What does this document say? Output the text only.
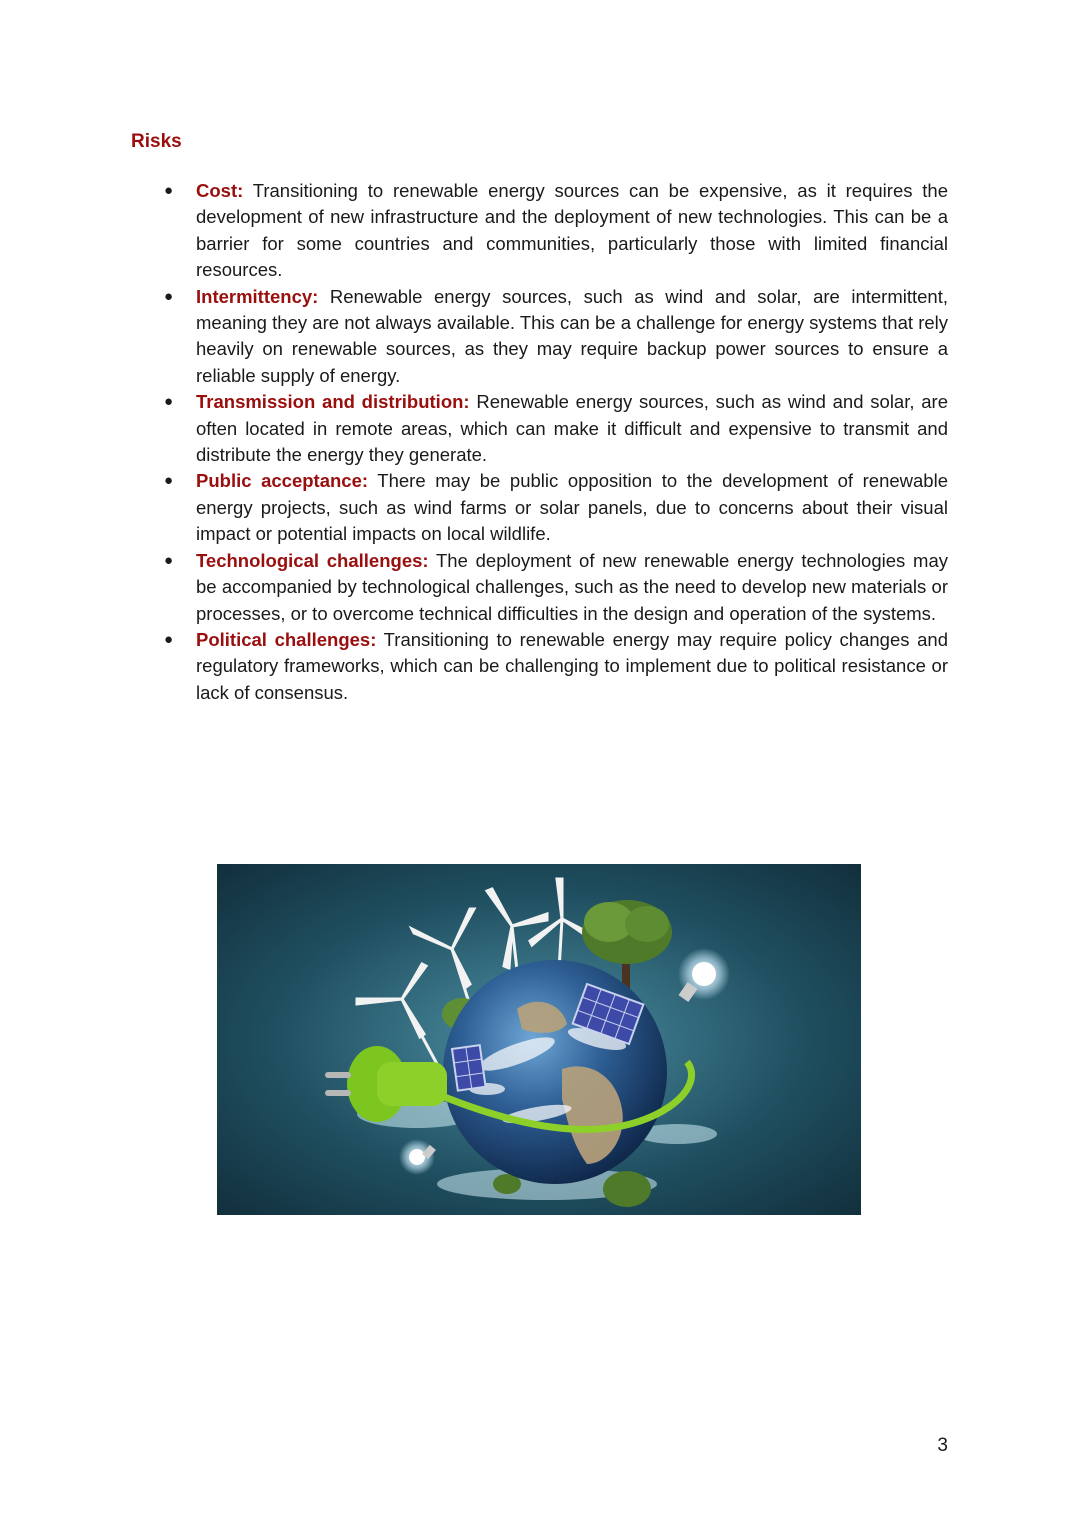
Risks
● Cost: Transitioning to renewable energy sources can be expensive, as it requires the development of new infrastructure and the deployment of new technologies. This can be a barrier for some countries and communities, particularly those with limited financial resources.
● Intermittency: Renewable energy sources, such as wind and solar, are intermittent, meaning they are not always available. This can be a challenge for energy systems that rely heavily on renewable sources, as they may require backup power sources to ensure a reliable supply of energy.
● Transmission and distribution: Renewable energy sources, such as wind and solar, are often located in remote areas, which can make it difficult and expensive to transmit and distribute the energy they generate.
● Public acceptance: There may be public opposition to the development of renewable energy projects, such as wind farms or solar panels, due to concerns about their visual impact or potential impacts on local wildlife.
● Technological challenges: The deployment of new renewable energy technologies may be accompanied by technological challenges, such as the need to develop new materials or processes, or to overcome technical difficulties in the design and operation of the systems.
● Political challenges: Transitioning to renewable energy may require policy changes and regulatory frameworks, which can be challenging to implement due to political resistance or lack of consensus.
3
